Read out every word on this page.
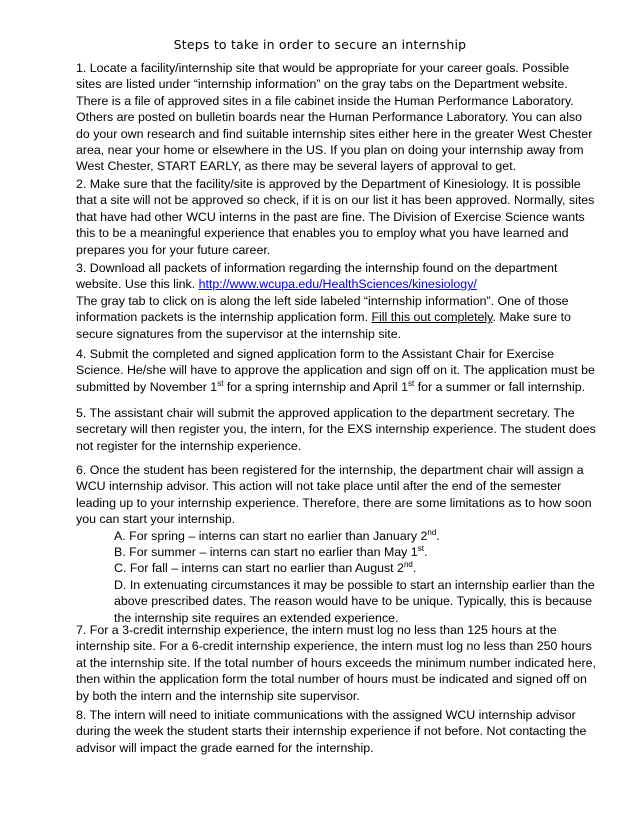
Steps to take in order to secure an internship
1. Locate a facility/internship site that would be appropriate for your career goals. Possible
sites are listed under “internship information” on the gray tabs on the Department website.
There is a file of approved sites in a file cabinet inside the Human Performance Laboratory.
Others are posted on bulletin boards near the Human Performance Laboratory. You can also
do your own research and find suitable internship sites either here in the greater West Chester
area, near your home or elsewhere in the US. If you plan on doing your internship away from
West Chester, START EARLY, as there may be several layers of approval to get.
2. Make sure that the facility/site is approved by the Department of Kinesiology. It is possible
that a site will not be approved so check, if it is on our list it has been approved. Normally, sites
that have had other WCU interns in the past are fine. The Division of Exercise Science wants
this to be a meaningful experience that enables you to employ what you have learned and
prepares you for your future career.
3. Download all packets of information regarding the internship found on the department
website. Use this link. http://www.wcupa.edu/HealthSciences/kinesiology/
The gray tab to click on is along the left side labeled “internship information”. One of those
information packets is the internship application form. Fill this out completely. Make sure to
secure signatures from the supervisor at the internship site.
4. Submit the completed and signed application form to the Assistant Chair for Exercise
Science. He/she will have to approve the application and sign off on it. The application must be
submitted by November 1st for a spring internship and April 1st for a summer or fall internship.
5. The assistant chair will submit the approved application to the department secretary. The
secretary will then register you, the intern, for the EXS internship experience. The student does
not register for the internship experience.
6. Once the student has been registered for the internship, the department chair will assign a
WCU internship advisor. This action will not take place until after the end of the semester
leading up to your internship experience. Therefore, there are some limitations as to how soon
you can start your internship.
A. For spring – interns can start no earlier than January 2nd.
B. For summer – interns can start no earlier than May 1st.
C. For fall – interns can start no earlier than August 2nd.
D. In extenuating circumstances it may be possible to start an internship earlier than the
above prescribed dates. The reason would have to be unique. Typically, this is because
the internship site requires an extended experience.
7. For a 3-credit internship experience, the intern must log no less than 125 hours at the
internship site. For a 6-credit internship experience, the intern must log no less than 250 hours
at the internship site. If the total number of hours exceeds the minimum number indicated here,
then within the application form the total number of hours must be indicated and signed off on
by both the intern and the internship site supervisor.
8. The intern will need to initiate communications with the assigned WCU internship advisor
during the week the student starts their internship experience if not before. Not contacting the
advisor will impact the grade earned for the internship.
